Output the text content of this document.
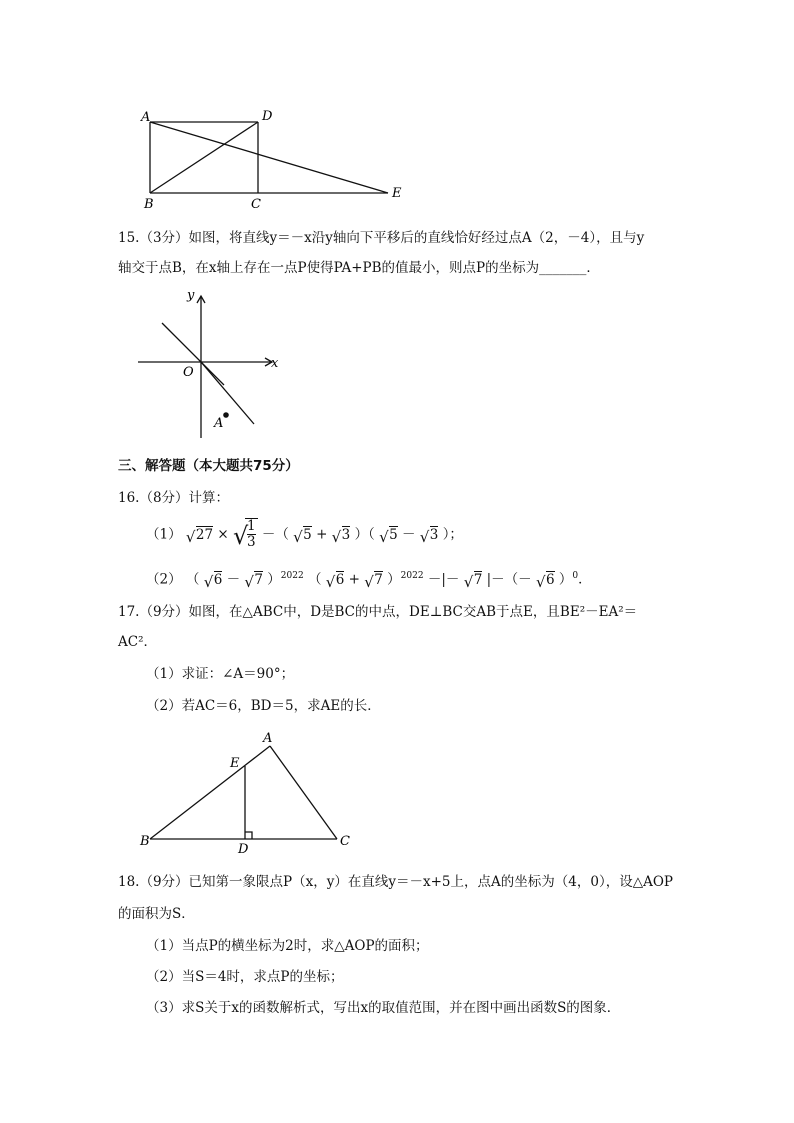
A	D
B	C
E
15.（3分）如图，将直线y＝－x沿y轴向下平移后的直线恰好经过点A（2，－4），且与y
轴交于点B，在x轴上存在一点P使得PA+PB的值最小，则点P的坐标为_______．
y
x
O
A
三、解答题（本大题共75分）
16.（8分）计算：
（1） √ 27 × √
$\frac{1}{3}$ －（ √ 5 + √ 3 ）（ √ 5 － √ 3 ）；
（2） （ √ 6 － √ 7 ）$^{2022}$ （ √ 6 + √ 7 ）$^{2022}$ －|－ √ 7 |－（－ √ 6 ）$^0$．
17.（9分）如图，在△ABC中，D是BC的中点，DE⊥BC交AB于点E，且BE²－EA²＝
AC²．
（1）求证：∠A＝90°；
（2）若AC＝6，BD＝5，求AE的长．
A
E
B
D
C
18.（9分）已知第一象限点P（x，y）在直线y＝－x+5上，点A的坐标为（4，0），设△AOP
的面积为S．
（1）当点P的横坐标为2时，求△AOP的面积；
（2）当S＝4时，求点P的坐标；
（3）求S关于x的函数解析式，写出x的取值范围，并在图中画出函数S的图象．
